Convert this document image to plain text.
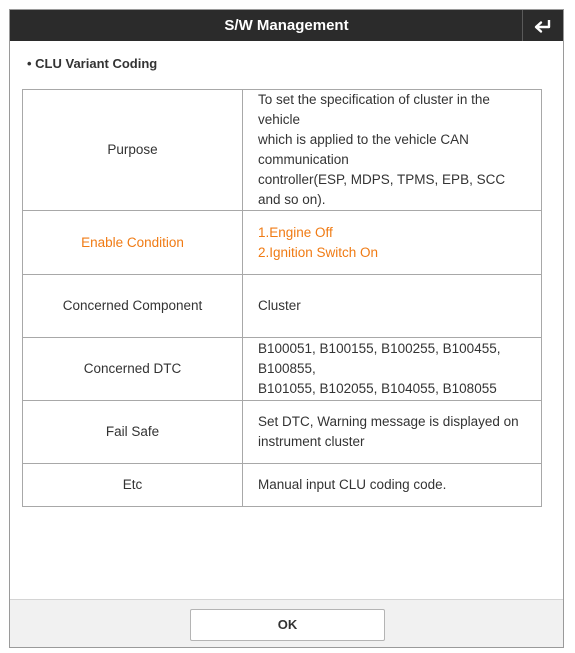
S/W Management
• CLU Variant Coding
Purpose	To set the specification of cluster in the vehicle
which is applied to the vehicle CAN communication
controller(ESP, MDPS, TPMS, EPB, SCC and so on).

Enable Condition	1.Engine Off
2.Ignition Switch On

Concerned Component	Cluster

Concerned DTC	B100051, B100155, B100255, B100455, B100855,
B101055, B102055, B104055, B108055

Fail Safe	Set DTC, Warning message is displayed on
instrument cluster

Etc	Manual input CLU coding code.
OK
